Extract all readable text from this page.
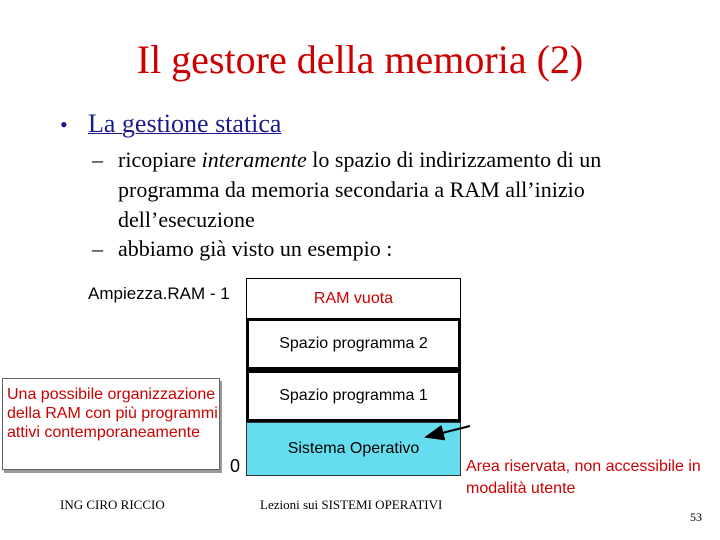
Il gestore della memoria (2)
• La gestione statica
– ricopiare interamente lo spazio di indirizzamento di un programma da memoria secondaria a RAM all’inizio dell’esecuzione
– abbiamo già visto un esempio :
Ampiezza.RAM - 1	RAM vuota
Spazio programma 2
Spazio programma 1
Sistema Operativo
Una possibile organizzazione della RAM con più programmi attivi contemporaneamente
0	Area riservata, non accessibile in modalità utente
ING CIRO RICCIO	Lezioni sui SISTEMI OPERATIVI
53
